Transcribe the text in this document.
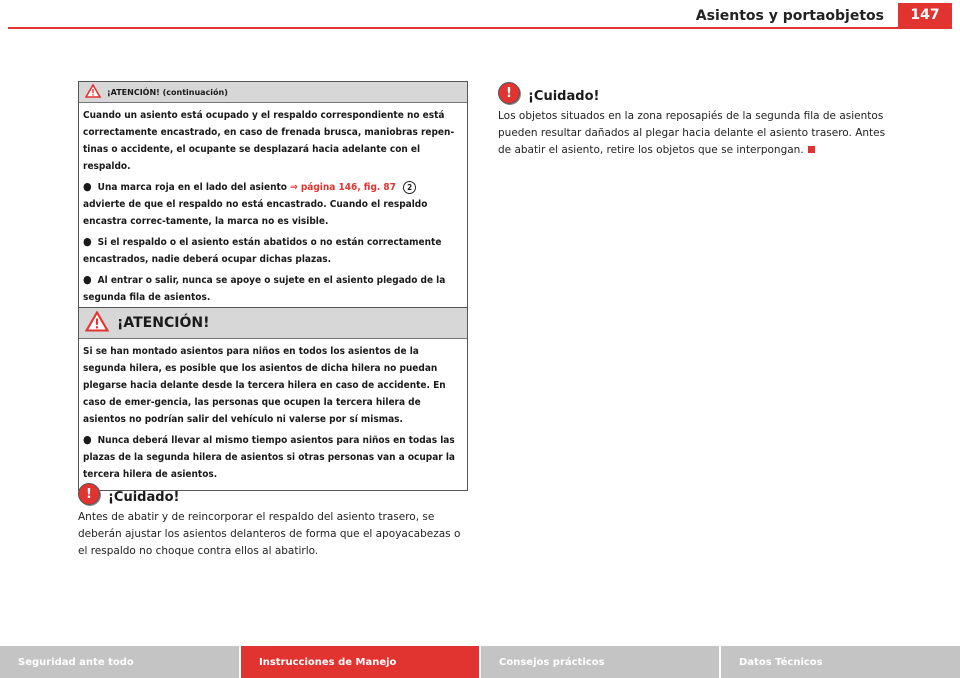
Asientos y portaobjetos	147
¡ATENCIÓN! (continuación)

Cuando un asiento está ocupado y el respaldo correspondiente no está correctamente encastrado, en caso de frenada brusca, maniobras repen-tinas o accidente, el ocupante se desplazará hacia adelante con el respaldo.

● Una marca roja en el lado del asiento ⇒ página 146, fig. 87 2 advierte de que el respaldo no está encastrado. Cuando el respaldo encastra correc-tamente, la marca no es visible.

● Si el respaldo o el asiento están abatidos o no están correctamente encastrados, nadie deberá ocupar dichas plazas.

● Al entrar o salir, nunca se apoye o sujete en el asiento plegado de la segunda fila de asientos.

¡ATENCIÓN!

Si se han montado asientos para niños en todos los asientos de la segunda hilera, es posible que los asientos de dicha hilera no puedan plegarse hacia delante desde la tercera hilera en caso de accidente. En caso de emer-gencia, las personas que ocupen la tercera hilera de asientos no podrían salir del vehículo ni valerse por sí mismas.

● Nunca deberá llevar al mismo tiempo asientos para niños en todas las plazas de la segunda hilera de asientos si otras personas van a ocupar la tercera hilera de asientos.

!	¡Cuidado!
Antes de abatir y de reincorporar el respaldo del asiento trasero, se deberán ajustar los asientos delanteros de forma que el apoyacabezas o el respaldo no choque contra ellos al abatirlo.
!	¡Cuidado!
Los objetos situados en la zona reposapiés de la segunda fila de asientos pueden resultar dañados al plegar hacia delante el asiento trasero. Antes de abatir el asiento, retire los objetos que se interpongan.
Seguridad ante todo	Instrucciones de Manejo	Consejos prácticos	Datos Técnicos
